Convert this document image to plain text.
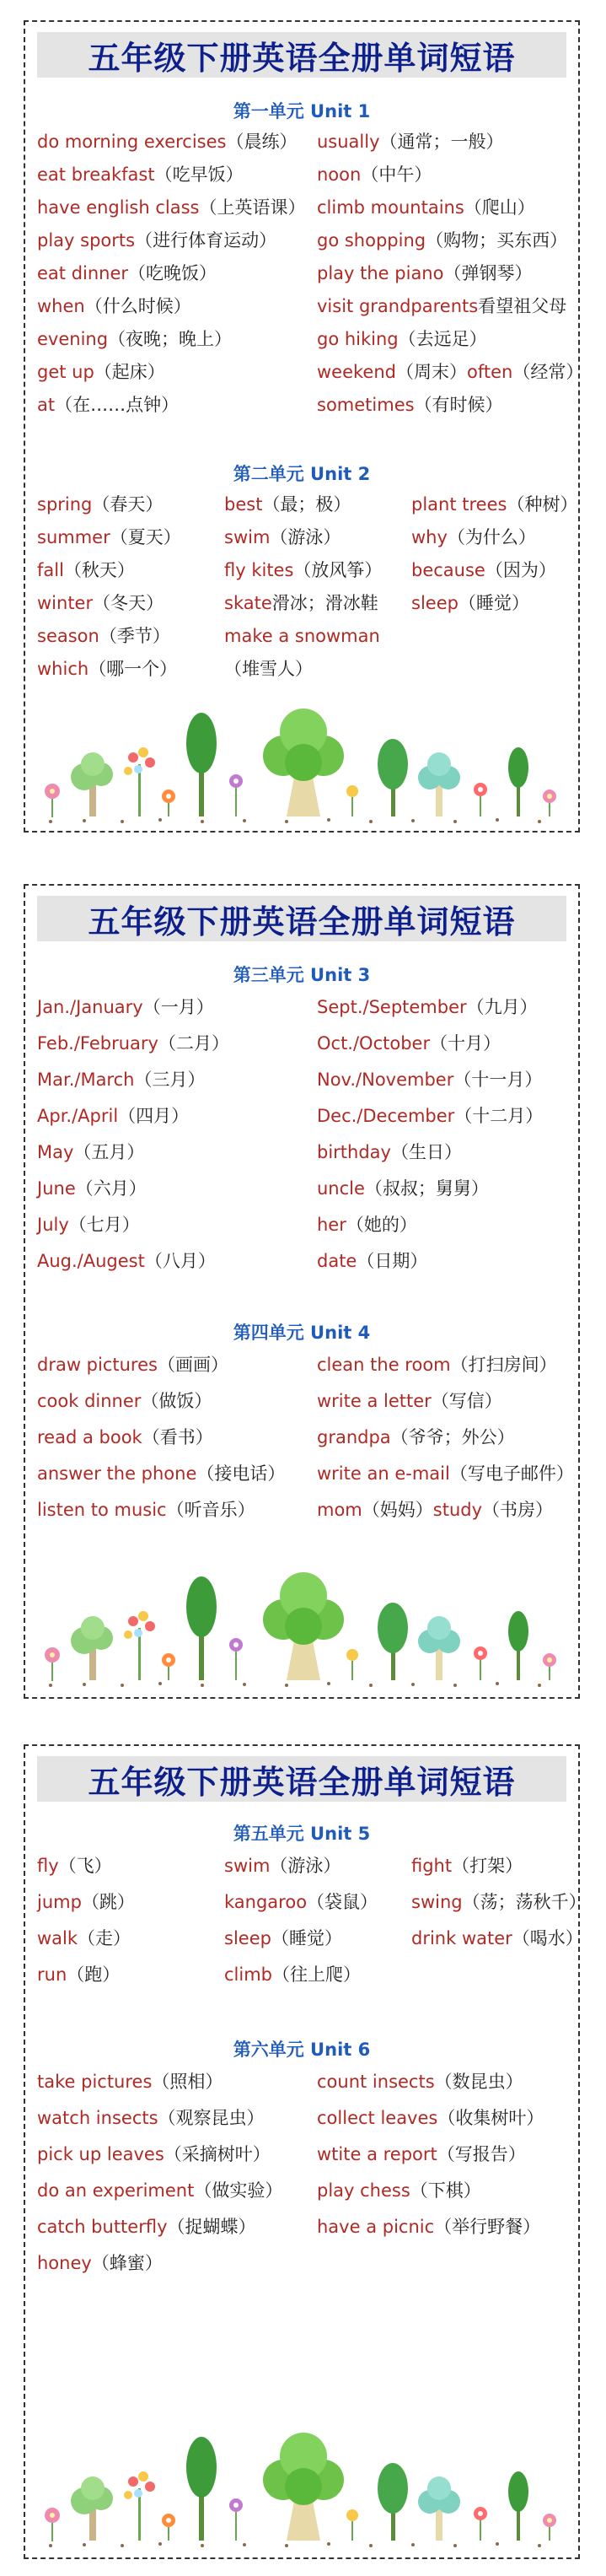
五年级下册英语全册单词短语
第一单元 Unit 1
do morning exercises（晨练）
eat breakfast（吃早饭）
have english class（上英语课）
play sports（进行体育运动）
eat dinner（吃晚饭）
when（什么时候）
evening（夜晚；晚上）
get up（起床）
at（在……点钟）
usually（通常；一般）
noon（中午）
climb mountains（爬山）
go shopping（购物；买东西）
play the piano（弹钢琴）
visit grandparents看望祖父母
go hiking（去远足）
weekend（周末）often（经常）
sometimes（有时候）
第二单元 Unit 2
spring（春天）
summer（夏天）
fall（秋天）
winter（冬天）
season（季节）
which（哪一个）
best（最；极）
swim（游泳）
fly kites（放风筝）
skate滑冰；滑冰鞋
make a snowman
（堆雪人）
plant trees（种树）
why（为什么）
because（因为）
sleep（睡觉）
五年级下册英语全册单词短语
第三单元 Unit 3
Jan./January（一月）
Feb./February（二月）
Mar./March（三月）
Apr./April（四月）
May（五月）
June（六月）
July（七月）
Aug./Augest（八月）
Sept./September（九月）
Oct./October（十月）
Nov./November（十一月）
Dec./December（十二月）
birthday（生日）
uncle（叔叔；舅舅）
her（她的）
date（日期）
第四单元 Unit 4
draw pictures（画画）
cook dinner（做饭）
read a book（看书）
answer the phone（接电话）
listen to music（听音乐）
clean the room（打扫房间）
write a letter（写信）
grandpa（爷爷；外公）
write an e-mail（写电子邮件）
mom（妈妈）study（书房）
五年级下册英语全册单词短语
第五单元 Unit 5
fly（飞）
jump（跳）
walk（走）
run（跑）
swim（游泳）
kangaroo（袋鼠）
sleep（睡觉）
climb（往上爬）
fight（打架）
swing（荡；荡秋千）
drink water（喝水）
第六单元 Unit 6
take pictures（照相）
watch insects（观察昆虫）
pick up leaves（采摘树叶）
do an experiment（做实验）
catch butterfly（捉蝴蝶）
honey（蜂蜜）
count insects（数昆虫）
collect leaves（收集树叶）
wtite a report（写报告）
play chess（下棋）
have a picnic（举行野餐）
